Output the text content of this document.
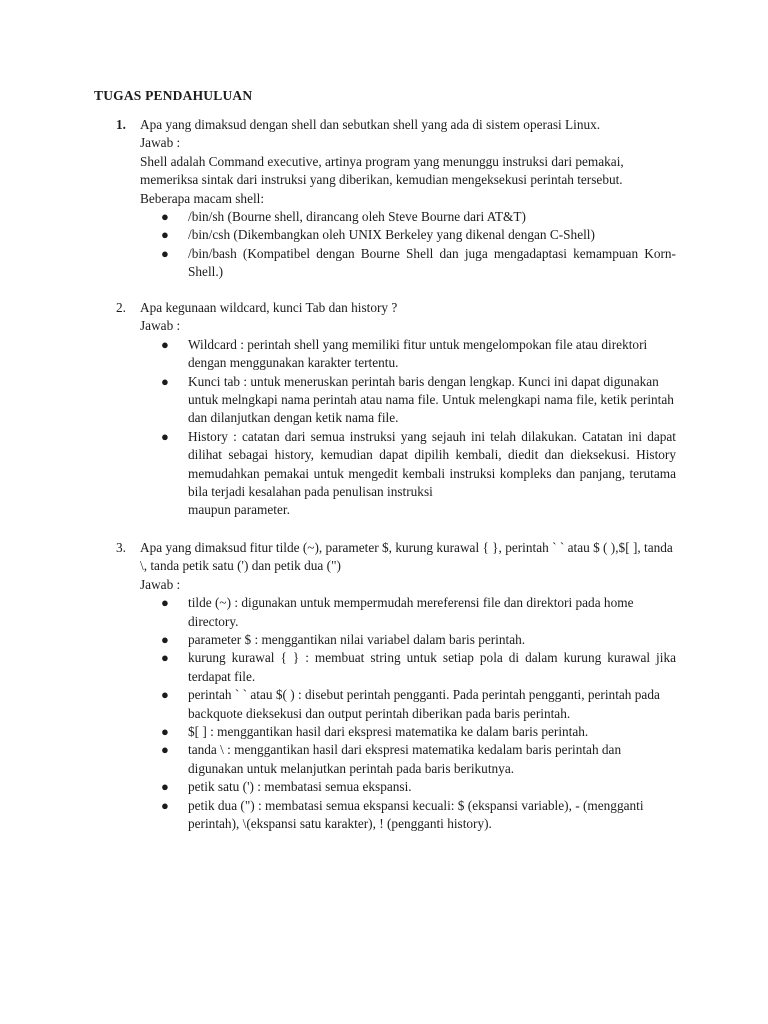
TUGAS PENDAHULUAN
1. Apa yang dimaksud dengan shell dan sebutkan shell yang ada di sistem operasi Linux.

Jawab :

Shell adalah Command executive, artinya program yang menunggu instruksi dari pemakai, memeriksa sintak dari instruksi yang diberikan, kemudian mengeksekusi perintah tersebut.

Beberapa macam shell:

● /bin/sh (Bourne shell, dirancang oleh Steve Bourne dari AT&T)
● /bin/csh (Dikembangkan oleh UNIX Berkeley yang dikenal dengan C-Shell)
● /bin/bash (Kompatibel dengan Bourne Shell dan juga mengadaptasi kemampuan Korn-Shell.)
2. Apa kegunaan wildcard, kunci Tab dan history ?

Jawab :

● Wildcard : perintah shell yang memiliki fitur untuk mengelompokan file atau direktori dengan menggunakan karakter tertentu.
● Kunci tab : untuk meneruskan perintah baris dengan lengkap. Kunci ini dapat digunakan untuk melngkapi nama perintah atau nama file. Untuk melengkapi nama file, ketik perintah dan dilanjutkan dengan ketik nama file.
● History : catatan dari semua instruksi yang sejauh ini telah dilakukan. Catatan ini dapat dilihat sebagai history, kemudian dapat dipilih kembali, diedit dan dieksekusi. History memudahkan pemakai untuk mengedit kembali instruksi kompleks dan panjang, terutama bila terjadi kesalahan pada penulisan instruksi
maupun parameter.
3. Apa yang dimaksud fitur tilde (~), parameter $, kurung kurawal { }, perintah ` ` atau $ ( ),$[ ], tanda \, tanda petik satu (') dan petik dua (")

Jawab :

● tilde (~) : digunakan untuk mempermudah mereferensi file dan direktori pada home directory.
● parameter $ : menggantikan nilai variabel dalam baris perintah.
● kurung kurawal { } : membuat string untuk setiap pola di dalam kurung kurawal jika terdapat file.
● perintah ` ` atau $( ) : disebut perintah pengganti. Pada perintah pengganti, perintah pada backquote dieksekusi dan output perintah diberikan pada baris perintah.
● $[ ] : menggantikan hasil dari ekspresi matematika ke dalam baris perintah.
● tanda \ : menggantikan hasil dari ekspresi matematika kedalam baris perintah dan digunakan untuk melanjutkan perintah pada baris berikutnya.
● petik satu (') : membatasi semua ekspansi.
● petik dua (") : membatasi semua ekspansi kecuali: $ (ekspansi variable), - (mengganti perintah), \(ekspansi satu karakter), ! (pengganti history).
